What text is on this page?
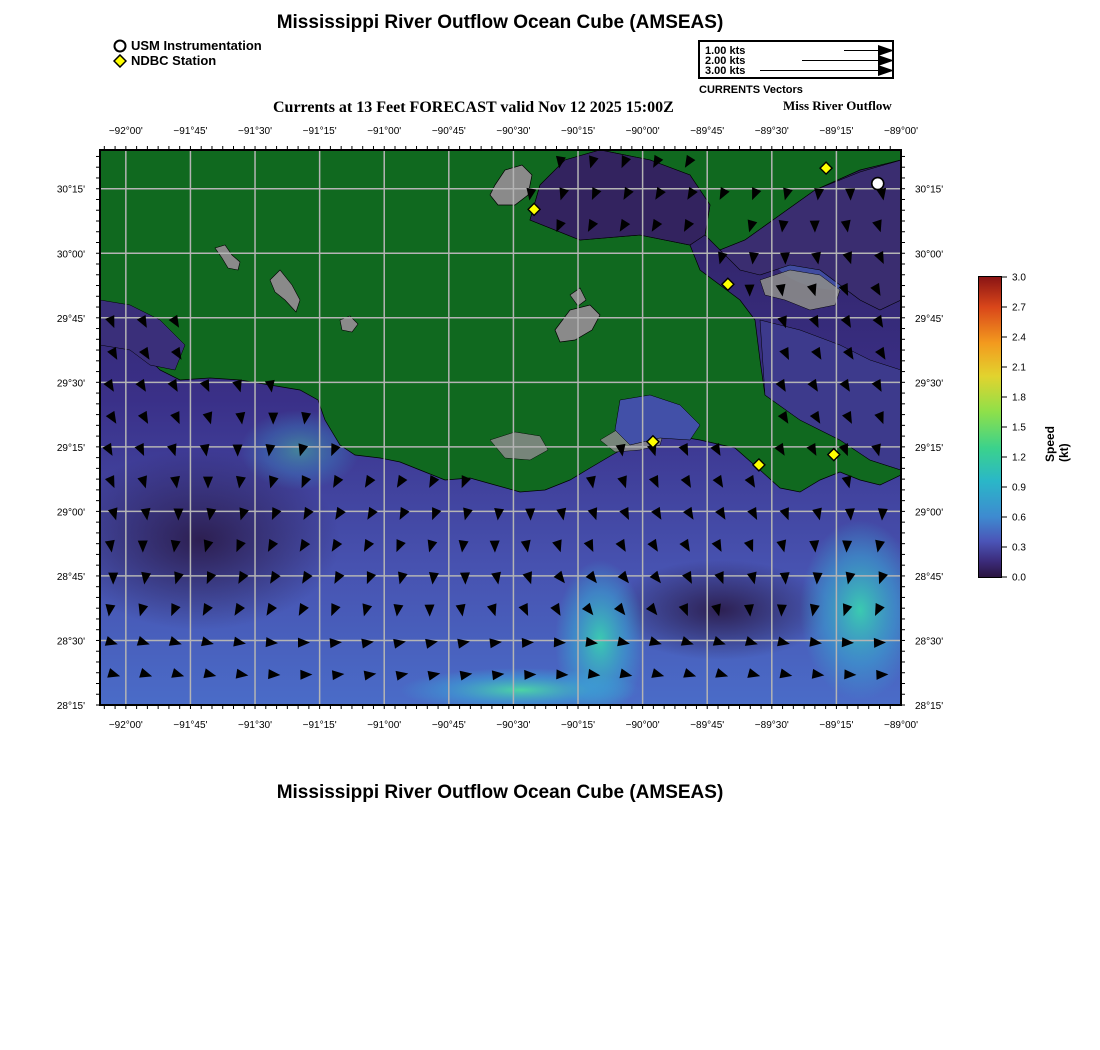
Mississippi River Outflow Ocean Cube (AMSEAS)
USM Instrumentation
NDBC Station
1.00 kts
2.00 kts
3.00 kts
CURRENTS Vectors
Currents at 13 Feet FORECAST valid Nov 12 2025 15:00Z	Miss River Outflow
−92°00'
−92°00'
−91°45'
−91°45'
−91°30'
−91°30'
−91°15'
−91°15'
−91°00'
−91°00'
−90°45'
−90°45'
−90°30'
−90°30'
−90°15'
−90°15'
−90°00'
−90°00'
−89°45'
−89°45'
−89°30'
−89°30'
−89°15'
−89°15'
−89°00'
−89°00'
30°15'	30°15'
30°00'	30°00'
29°45'	29°45'
29°30'	29°30'
29°15'	29°15'
29°00'	29°00'
28°45'	28°45'
28°30'	28°30'
28°15'	28°15'
3.0
2.7
2.4
2.1
1.8
1.5
1.2
0.9
0.6
0.3
0.0
Speed (kt)
Mississippi River Outflow Ocean Cube (AMSEAS)
